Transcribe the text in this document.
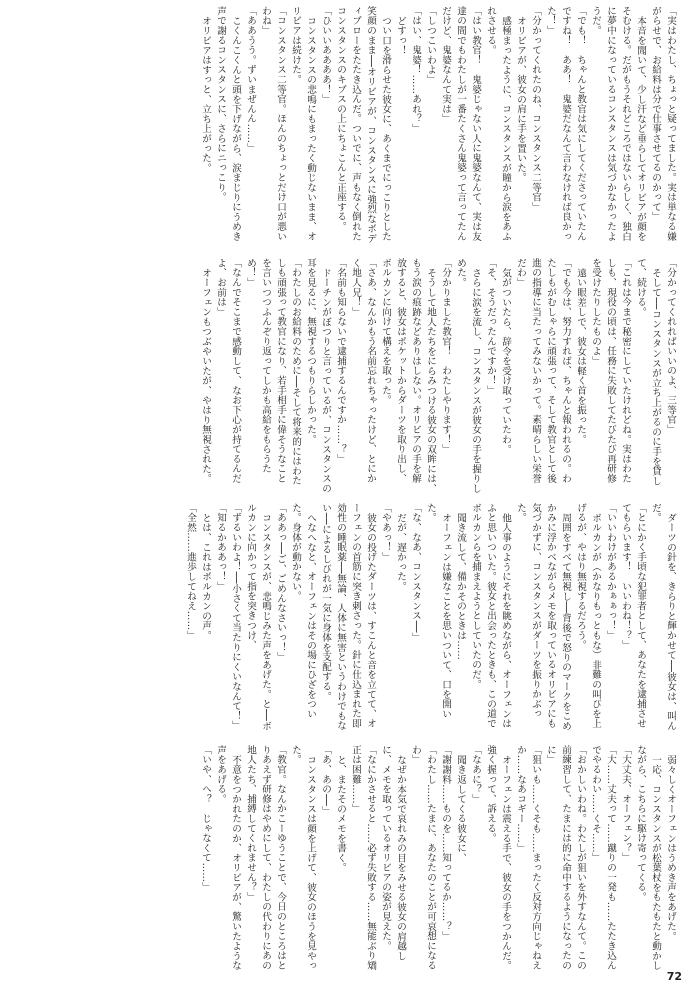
「実はわたし、ちょっと疑ってました。実は単なる嫌がらせで、お給料は分で仕事させてるのかって」

本音を聞いて、少し汗など垂らしてオリビアが顔をそむける。だがもうそれどころではないらしく、独白に夢中になっているコンスタンスは気づかなかったようだ。

「でも！　ちゃんと教官は気にしてくださっていたんですね！　ああ！　鬼婆だなんて言わなければ良かった！」

「分かってくれたのね、コンスタンス二等官」

オリビアが、彼女の肩に手を置いた。

感極まったように、コンスタンスが瞳から涙をあふれさせる。

「はい教官！　鬼婆じゃない人に鬼婆なんて、実は友達の間でもわたしが一番たくさん鬼婆って言ってたんだけど、鬼婆なんて実は」

「しつこいわよ」

「はい、鬼婆！……あれ？」

どすっ！

つい口を滑らせた彼女に、あくまでにっこりとした笑顔のまま──オリビアが、コンスタンスに強烈なボディブローをたたき込んだ。ついでに、声もなく倒れたコンスタンスのキブスの上にちょこんと正座する。

「ひいいああああ！」

コンスタンスの悲鳴にもまったく動じないまま、オリビアは続けた。

「コンスタンス二等官。ほんのちょっとだけ口が悪いわね」

「ああうう。ずいまぜんん……」

こくんこくんと頭を下げながら、涙まじりにうめき声で謝るコンスタンスに、さらにニっこり。

オリビアはすっと、立ち上がった。

「分かってくれればいいのよ、三等官」

そして──コンスタンスが立ち上がるのに手を貸して、続ける。

「これは今まで秘密にしていたけれどね。実はわたしも、現役の頃は、任務に失敗してたびたび再研修を受けたりしたものよ」

遠い眼差しで、彼女は軽く首を振った。

「でも今は、努力すれば、ちゃんと報われるの。わたしもがむしゃらに頑張って、そして教官として後進の指導に当たってみないかって。素晴らしい栄誉だわ」

気がついたら、辞令を受け取っていたわ。

「そ、そうだったんですか！」

さらに涙を流し、コンスタンスが彼女の手を握りしめた。

「分かりました教官！　わたしやります！」

そうして地人たちをにらみつける彼女の双眸には、もう涙の痕跡などありはしない。オリビアの手を解放すると、彼女はポケットからダーツを取り出し、ボルカンに向けて構えを取った。

「さあ、なんかもう名前忘れちゃったけど、とにかく地人兄！」

「名前も知らないで逮捕するんですか……？」

ドーチンがぼつりと言っているが、コンスタンスの耳を見るに、無視するつもりらしかった。

「わたしのお給料のために──そして将来的にはわたしも頑張って教官になり、若手相手に偉そうなことを言いつつふんぞり返ってしかも高給をもらうため！」

「なんでそこまで感動して、なお下心が持てるんだよ、お前は」

オーフェンもつぶやいたが、やはり無視された。

ダーツの針を、きらりと輝かせて──彼女は、叫んだ。

「とにかく手頃な犯罪者として、あなたを逮捕させてもらいます！　いいわね！？」

「いいわけがあるかぁぁっ！」

ボルカンが（かなりもっともな）非難の叫びを上げるが、やはり無視するだろう。

周囲をすべて無視し──背後で怒りのマークをこめかみに浮かべながらメモを取っているオリビアにも気づかずに、コンスタンスがダーツを振りかぶった。

他人事のようにそれを眺めながら、オーフェンはふと思いついた。彼女と出会ったときも、この道でボルカンらを捕まえようとしていたのだ。

聞き流して、備かそのときは……

オーフェンは嫌なことを思いついて、口を開いた。

「な、なあ、コンスタンス──」

だが、遅かった。

「やあっ！」

彼女の投げたダーツは、すこんと音を立てて、オーフェンの首筋に突き刺さった。針に仕込まれた即効性の睡眠薬──無論、人体に無害というわけでもない──によるしびれが一気に身体を支配する。

へなへなと、オーフェンはその場にひざをついた。身体が動かない。

「ああっ──ご、ごめんなさいっ！」

コンスタンスが、悲鳴じみた声をあげた。と──ボルカンに向かって指を突きつけ、

「ずるいわよ！──小さくて当たりにくいなんて！」

「知るかああっ！」

とは、これはボルカンの声。

「全然……進歩してねえ……」

弱々しくオーフェンはうめき声をあげた。

一応、コンスタンスが松葉杖をもたもたと動かしながら、こちらに駆け寄ってくる。

「大丈夫、オーフェン？」

「大……丈夫って……蹴りの一発も……たたき込んでやるわい……くそ……」

「おかしいわね。わたしが狙いを外すなんて。この前練習して、たまには的に命中するようになったのに」

「狙いも……くそも……まったく反対方向じゃねえか……なあコギー……」

オーフェンは震える手で、彼女の手をつかんだ。強く握って、訴える。

「なあに？」

聞き返してくる彼女に、

「謝謝料……ものを……知ってるか……？」

「わたし……たまに、あなたのことが可哀想になるわ」

なぜか本気で哀れみの目をみせる彼女の肩越しに、メモを取っているオリビアの姿が見えた。

「なにかさせると……必ず失敗する……無能ぶり矯正は困難……」

と、またそのメモを書く。

「あ、あの──」

コンスタンスは顔を上げて、彼女のほうを見やった。

「教官。なんかこーゆうことで、今日のところはとりあえず研修はやめにして、わたしの代わりにあの地人たち、捕縛してくれません？」

不意をつかれたのか、オリビアが、驚いたような声をあげる。

「いや、へ？　じゃなくて……」

72
